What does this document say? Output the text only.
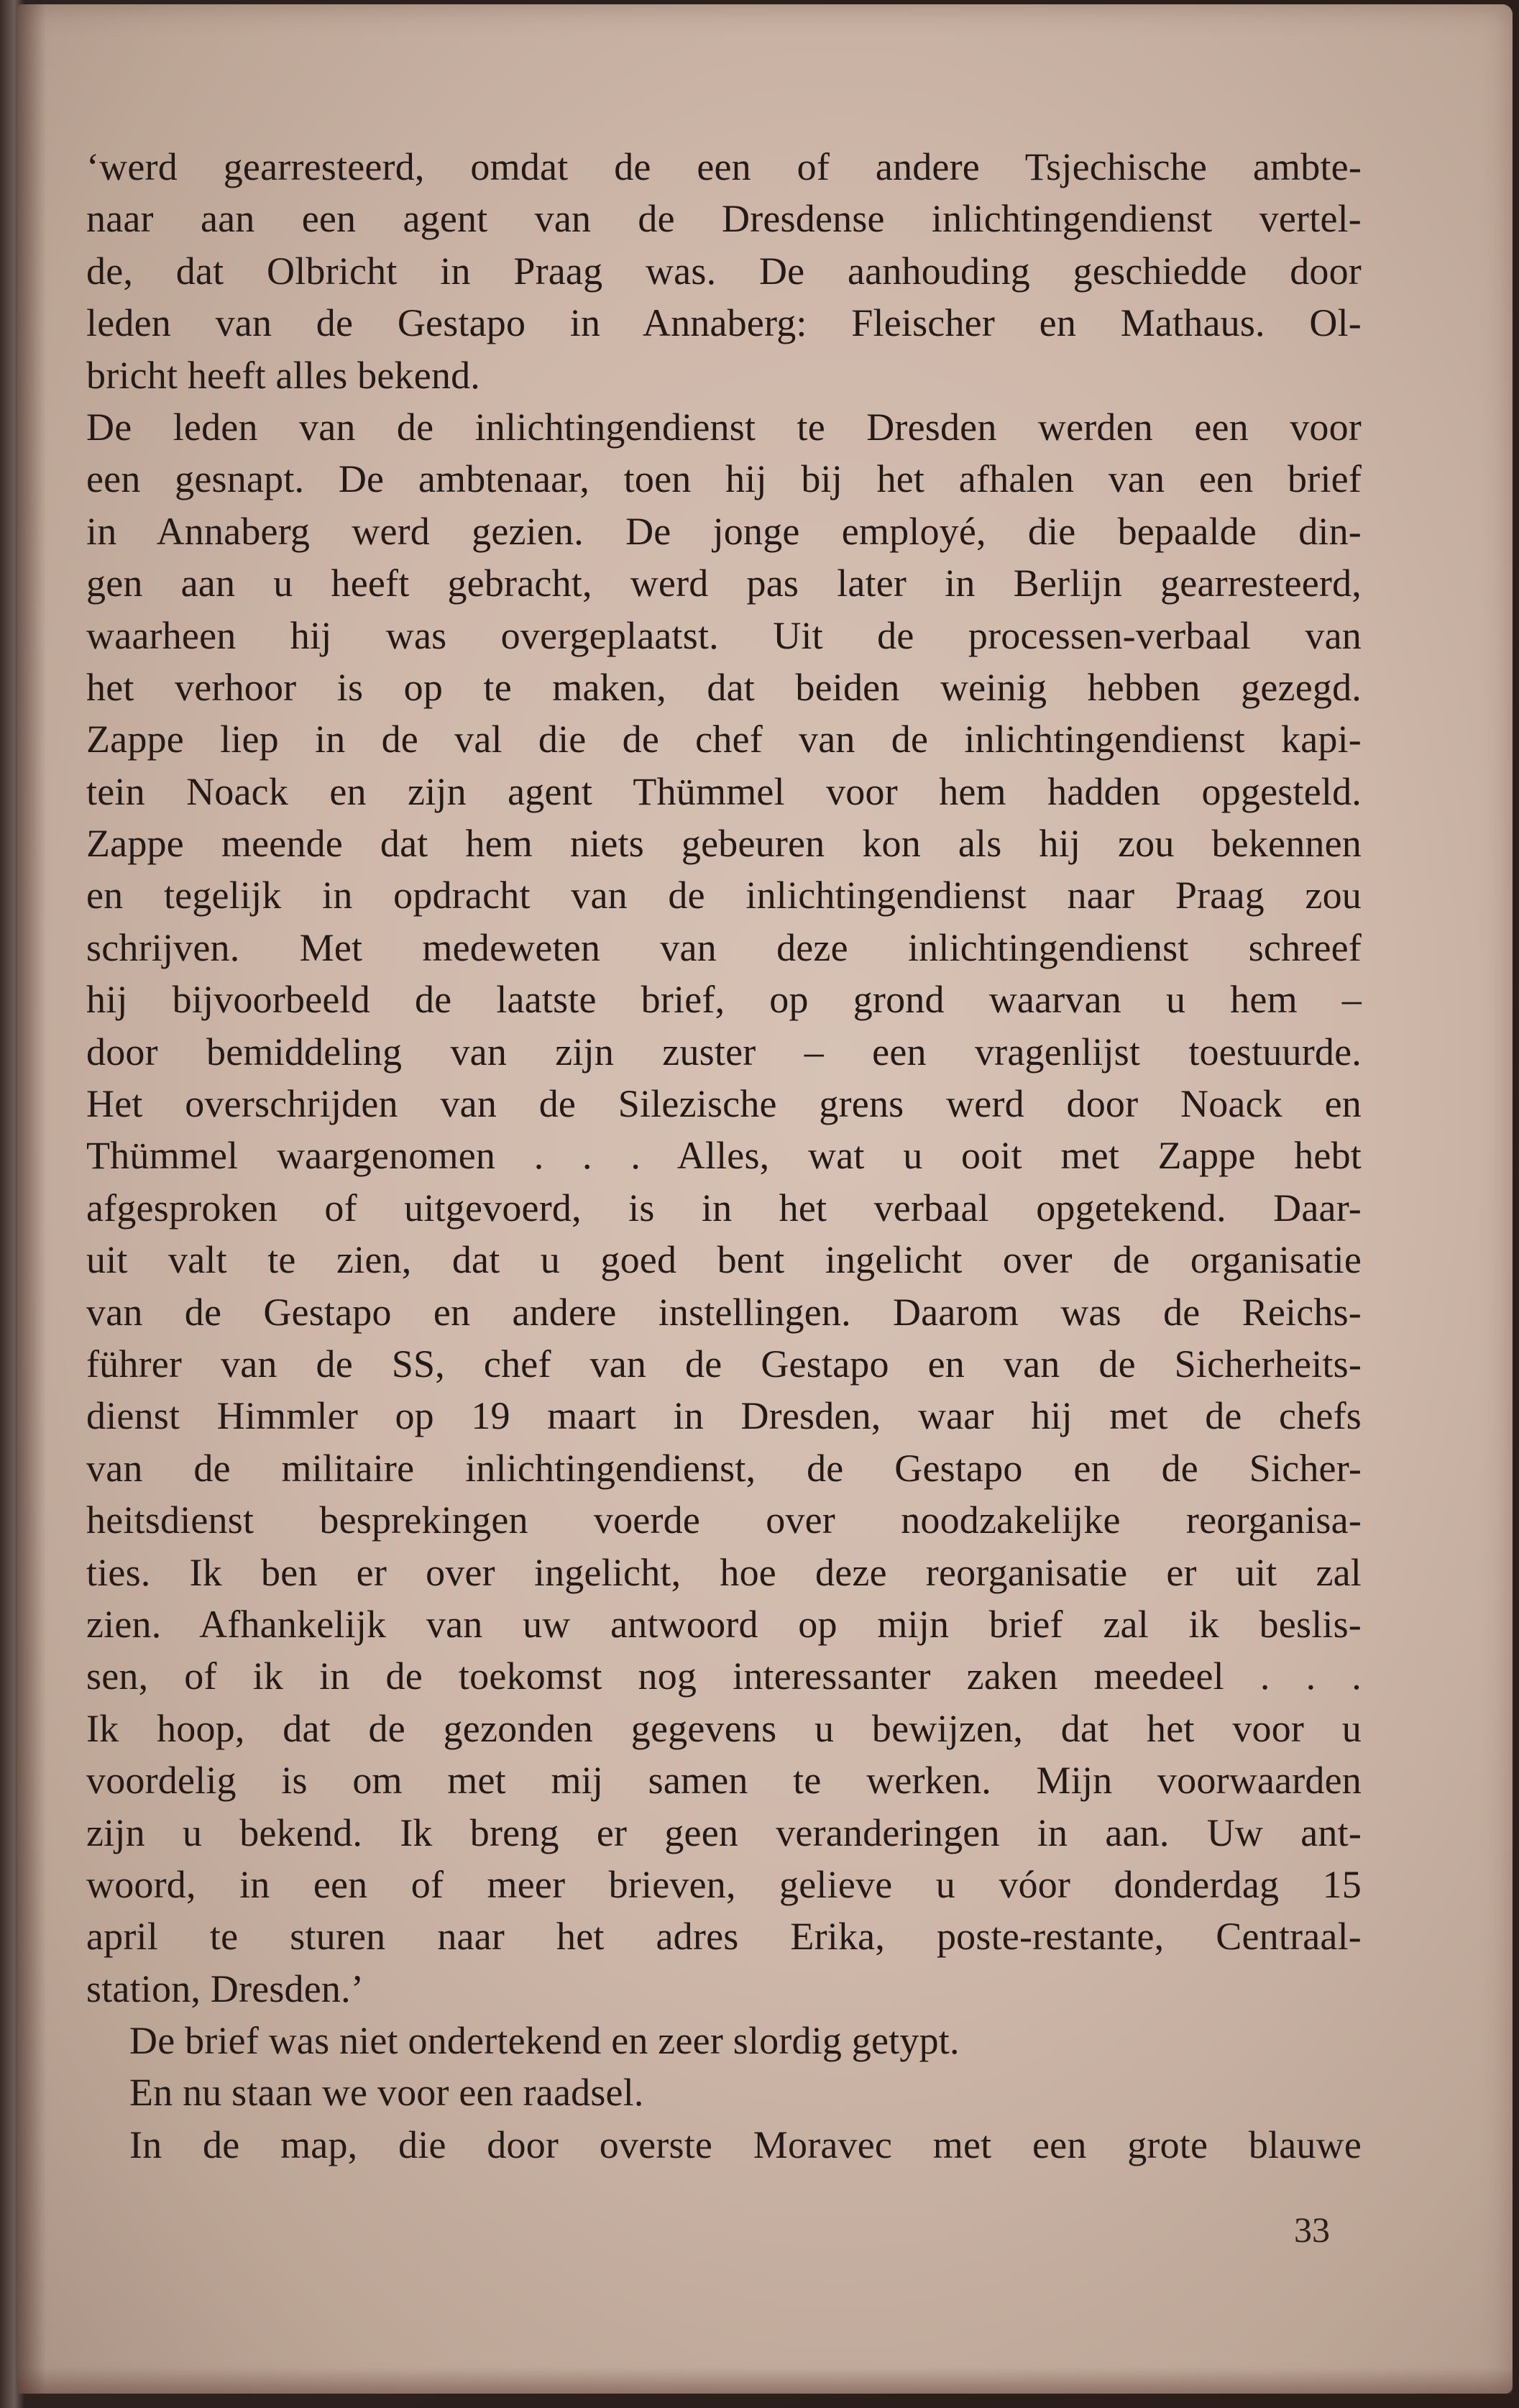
‘werd gearresteerd, omdat de een of andere Tsjechische ambte-
naar aan een agent van de Dresdense inlichtingendienst vertel-
de, dat Olbricht in Praag was. De aanhouding geschiedde door
leden van de Gestapo in Annaberg: Fleischer en Mathaus. Ol-
bricht heeft alles bekend.
De leden van de inlichtingendienst te Dresden werden een voor
een gesnapt. De ambtenaar, toen hij bij het afhalen van een brief
in Annaberg werd gezien. De jonge employé, die bepaalde din-
gen aan u heeft gebracht, werd pas later in Berlijn gearresteerd,
waarheen hij was overgeplaatst. Uit de processen-verbaal van
het verhoor is op te maken, dat beiden weinig hebben gezegd.
Zappe liep in de val die de chef van de inlichtingendienst kapi-
tein Noack en zijn agent Thümmel voor hem hadden opgesteld.
Zappe meende dat hem niets gebeuren kon als hij zou bekennen
en tegelijk in opdracht van de inlichtingendienst naar Praag zou
schrijven. Met medeweten van deze inlichtingendienst schreef
hij bijvoorbeeld de laatste brief, op grond waarvan u hem –
door bemiddeling van zijn zuster – een vragenlijst toestuurde.
Het overschrijden van de Silezische grens werd door Noack en
Thümmel waargenomen . . . Alles, wat u ooit met Zappe hebt
afgesproken of uitgevoerd, is in het verbaal opgetekend. Daar-
uit valt te zien, dat u goed bent ingelicht over de organisatie
van de Gestapo en andere instellingen. Daarom was de Reichs-
führer van de SS, chef van de Gestapo en van de Sicherheits-
dienst Himmler op 19 maart in Dresden, waar hij met de chefs
van de militaire inlichtingendienst, de Gestapo en de Sicher-
heitsdienst besprekingen voerde over noodzakelijke reorganisa-
ties. Ik ben er over ingelicht, hoe deze reorganisatie er uit zal
zien. Afhankelijk van uw antwoord op mijn brief zal ik beslis-
sen, of ik in de toekomst nog interessanter zaken meedeel . . .
Ik hoop, dat de gezonden gegevens u bewijzen, dat het voor u
voordelig is om met mij samen te werken. Mijn voorwaarden
zijn u bekend. Ik breng er geen veranderingen in aan. Uw ant-
woord, in een of meer brieven, gelieve u vóor donderdag 15
april te sturen naar het adres Erika, poste-restante, Centraal-
station, Dresden.’
De brief was niet ondertekend en zeer slordig getypt.
En nu staan we voor een raadsel.
In de map, die door overste Moravec met een grote blauwe
33
